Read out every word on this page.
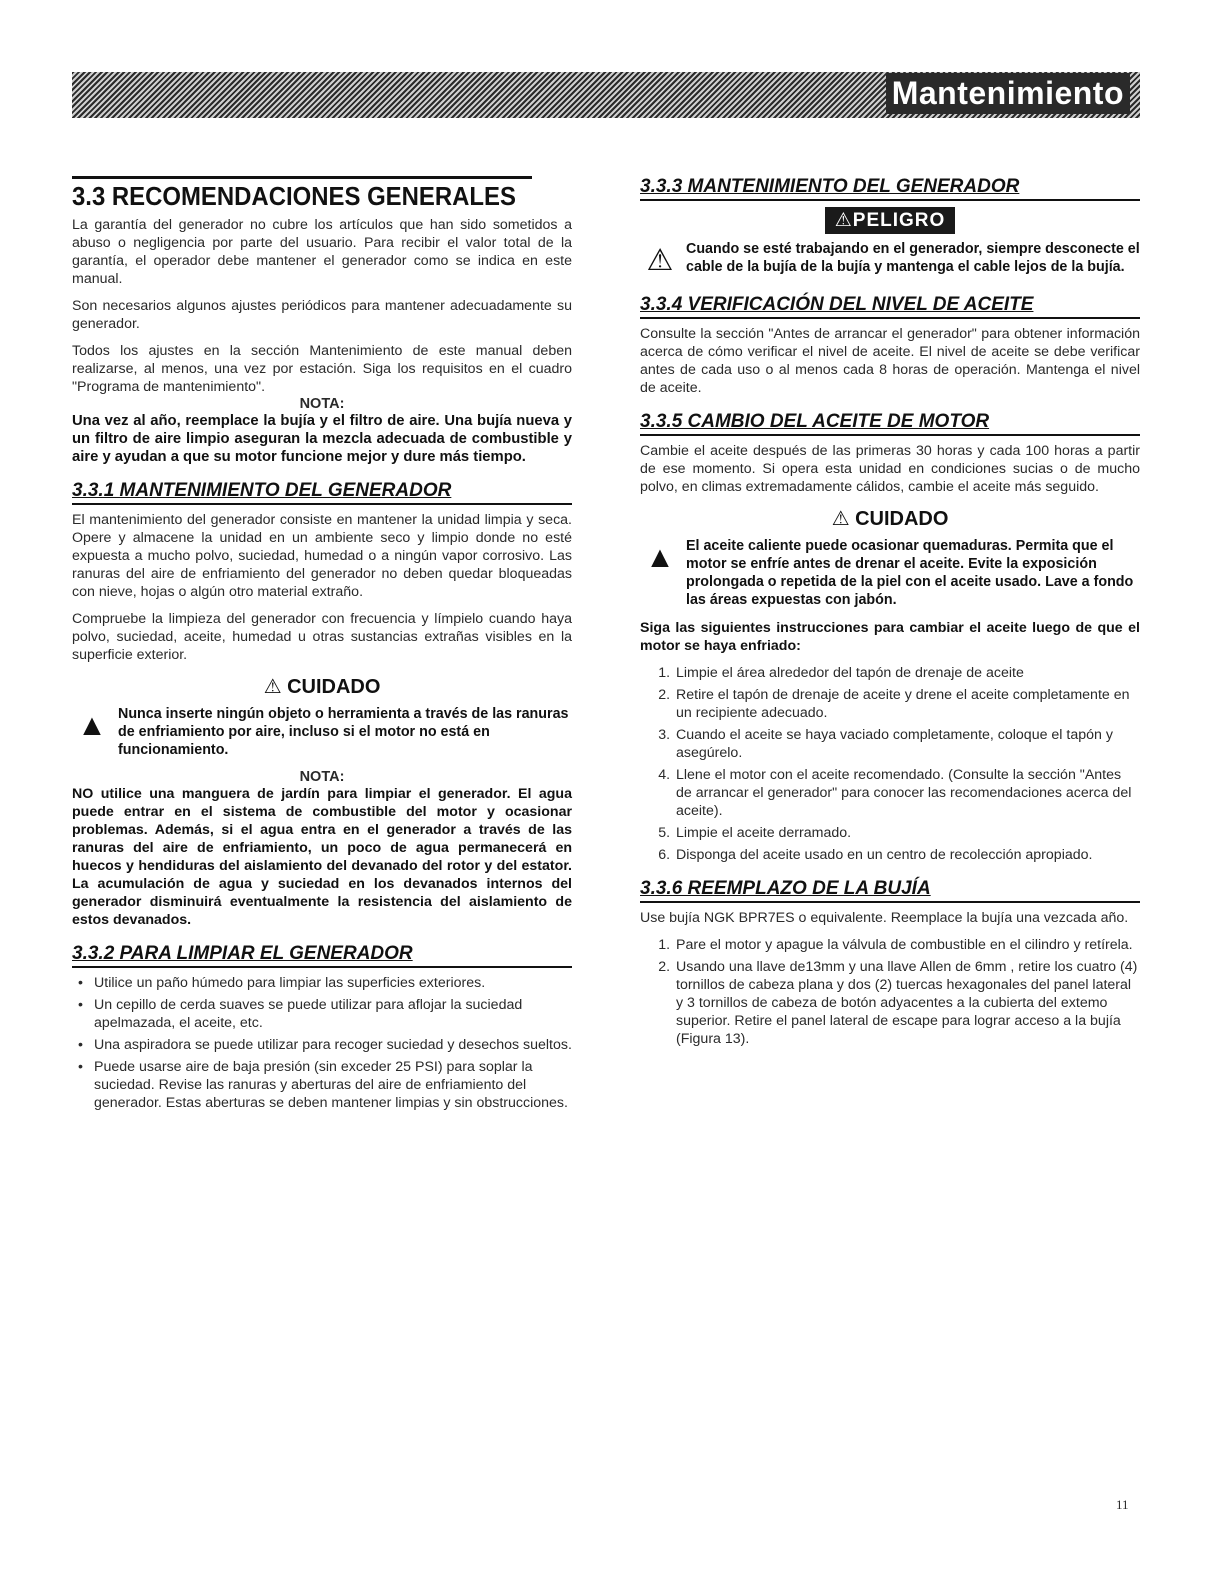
Mantenimiento
3.3 RECOMENDACIONES GENERALES

La garantía del generador no cubre los artículos que han sido sometidos a abuso o negligencia por parte del usuario. Para recibir el valor total de la garantía, el operador debe mantener el generador como se indica en este manual.

Son necesarios algunos ajustes periódicos para mantener adecuadamente su generador.

Todos los ajustes en la sección Mantenimiento de este manual deben realizarse, al menos, una vez por estación. Siga los requisitos en el cuadro "Programa de mantenimiento".

NOTA:

Una vez al año, reemplace la bujía y el filtro de aire. Una bujía nueva y un filtro de aire limpio aseguran la mezcla adecuada de combustible y aire y ayudan a que su motor funcione mejor y dure más tiempo.

3.3.1 MANTENIMIENTO DEL GENERADOR

El mantenimiento del generador consiste en mantener la unidad limpia y seca. Opere y almacene la unidad en un ambiente seco y limpio donde no esté expuesta a mucho polvo, suciedad, humedad o a ningún vapor corrosivo. Las ranuras del aire de enfriamiento del generador no deben quedar bloqueadas con nieve, hojas o algún otro material extraño.

Compruebe la limpieza del generador con frecuencia y límpielo cuando haya polvo, suciedad, aceite, humedad u otras sustancias extrañas visibles en la superficie exterior.

⚠ CUIDADO
▲ Nunca inserte ningún objeto o herramienta a través de las ranuras de enfriamiento por aire, incluso si el motor no está en funcionamiento.
NOTA:

NO utilice una manguera de jardín para limpiar el generador. El agua puede entrar en el sistema de combustible del motor y ocasionar problemas. Además, si el agua entra en el generador a través de las ranuras del aire de enfriamiento, un poco de agua permanecerá en huecos y hendiduras del aislamiento del devanado del rotor y del estator. La acumulación de agua y suciedad en los devanados internos del generador disminuirá eventualmente la resistencia del aislamiento de estos devanados.

3.3.2 PARA LIMPIAR EL GENERADOR
• Utilice un paño húmedo para limpiar las superficies exteriores.
• Un cepillo de cerda suaves se puede utilizar para aflojar la suciedad apelmazada, el aceite, etc.
• Una aspiradora se puede utilizar para recoger suciedad y desechos sueltos.
• Puede usarse aire de baja presión (sin exceder 25 PSI) para soplar la suciedad. Revise las ranuras y aberturas del aire de enfriamiento del generador. Estas aberturas se deben mantener limpias y sin obstrucciones.
3.3.3 MANTENIMIENTO DEL GENERADOR
⚠PELIGRO
⚠ Cuando se esté trabajando en el generador, siempre desconecte el cable de la bujía de la bujía y mantenga el cable lejos de la bujía.
3.3.4 VERIFICACIÓN DEL NIVEL DE ACEITE

Consulte la sección "Antes de arrancar el generador" para obtener información acerca de cómo verificar el nivel de aceite. El nivel de aceite se debe verificar antes de cada uso o al menos cada 8 horas de operación. Mantenga el nivel de aceite.

3.3.5 CAMBIO DEL ACEITE DE MOTOR

Cambie el aceite después de las primeras 30 horas y cada 100 horas a partir de ese momento. Si opera esta unidad en condiciones sucias o de mucho polvo, en climas extremadamente cálidos, cambie el aceite más seguido.

⚠ CUIDADO
▲ El aceite caliente puede ocasionar quemaduras. Permita que el motor se enfríe antes de drenar el aceite. Evite la exposición prolongada o repetida de la piel con el aceite usado. Lave a fondo las áreas expuestas con jabón.

Siga las siguientes instrucciones para cambiar el aceite luego de que el motor se haya enfriado:

1. Limpie el área alrededor del tapón de drenaje de aceite
2. Retire el tapón de drenaje de aceite y drene el aceite completamente en un recipiente adecuado.
3. Cuando el aceite se haya vaciado completamente, coloque el tapón y asegúrelo.
4. Llene el motor con el aceite recomendado. (Consulte la sección "Antes de arrancar el generador" para conocer las recomendaciones acerca del aceite).
5. Limpie el aceite derramado.
6. Disponga del aceite usado en un centro de recolección apropiado.
3.3.6 REEMPLAZO DE LA BUJÍA

Use bujía NGK BPR7ES o equivalente. Reemplace la bujía una vezcada año.

1. Pare el motor y apague la válvula de combustible en el cilindro y retírela.
2. Usando una llave de13mm y una llave Allen de 6mm , retire los cuatro (4) tornillos de cabeza plana y dos (2) tuercas hexagonales del panel lateral y 3 tornillos de cabeza de botón adyacentes a la cubierta del extemo superior. Retire el panel lateral de escape para lograr acceso a la bujía (Figura 13).
11
